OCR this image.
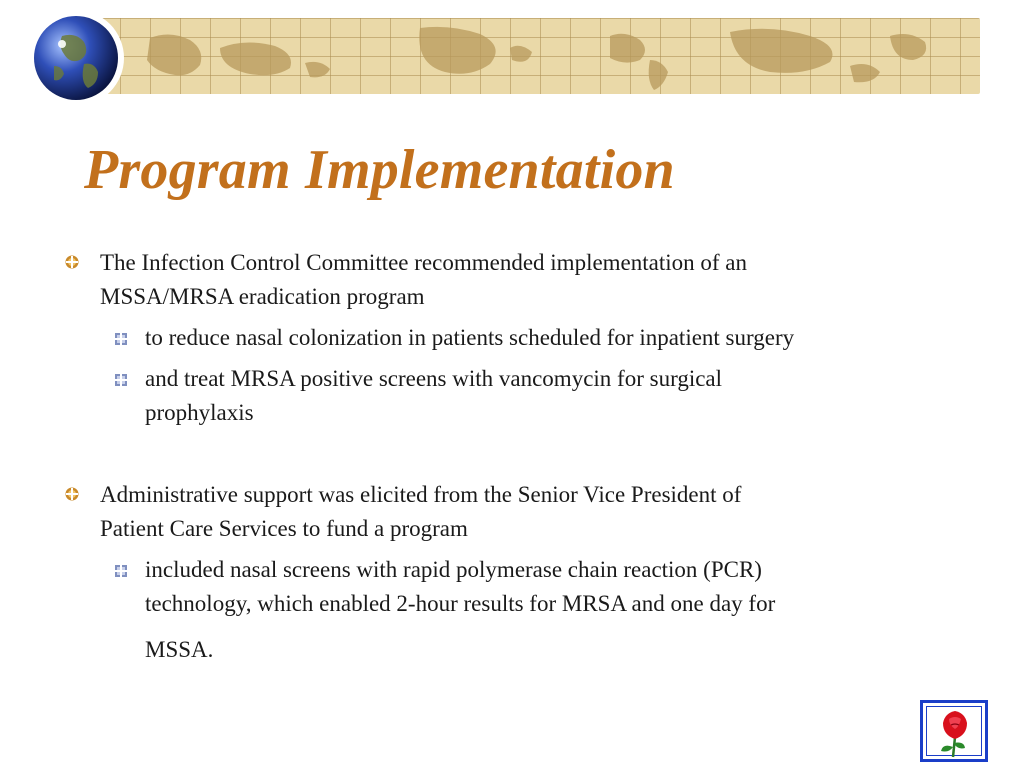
Program Implementation

The Infection Control Committee recommended implementation of an
MSSA/MRSA eradication program

to reduce nasal colonization in patients scheduled for inpatient surgery

and treat MRSA positive screens with vancomycin for surgical
prophylaxis

Administrative support was elicited from the Senior Vice President of
Patient Care Services to fund a program

included nasal screens with rapid polymerase chain reaction (PCR)
technology, which enabled 2-hour results for MRSA and one day for

MSSA.
